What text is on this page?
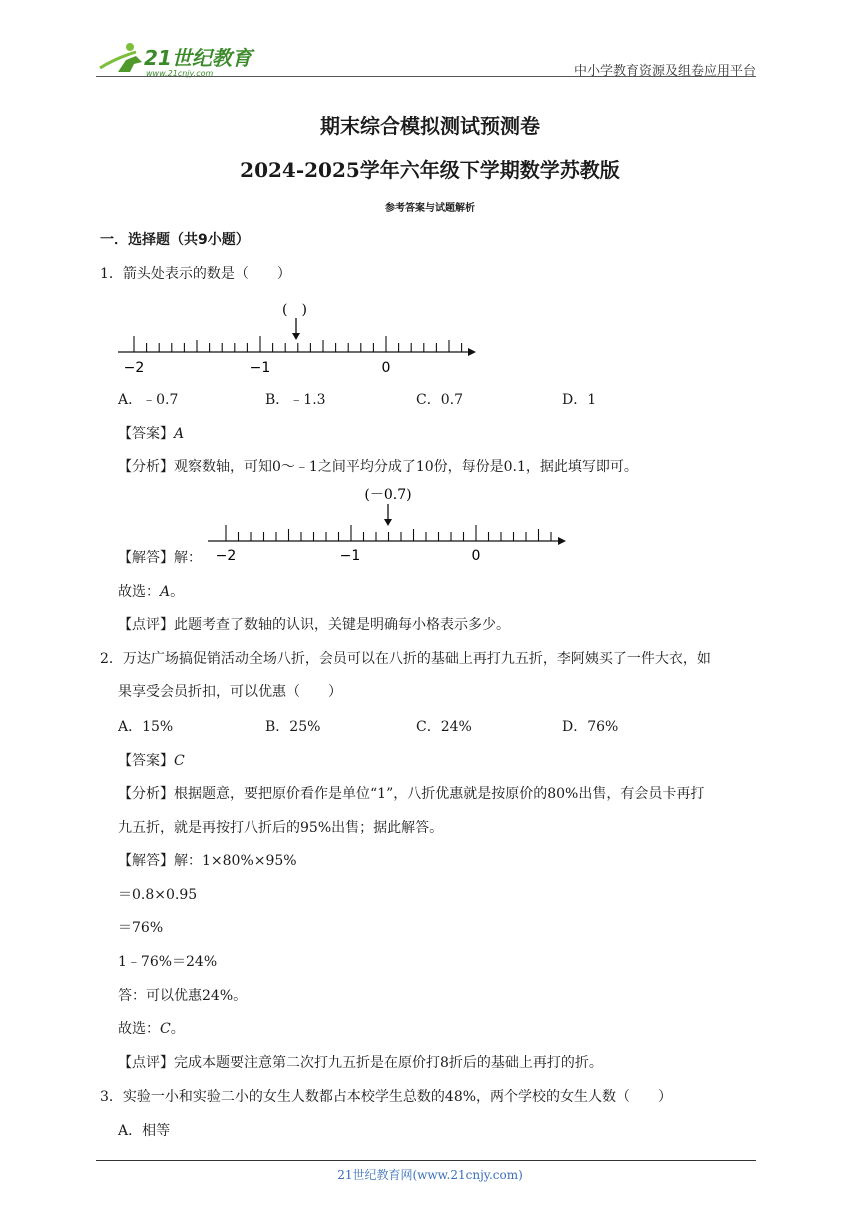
21世纪教育
www.21cnjy.com	中小学教育资源及组卷应用平台
期末综合模拟测试预测卷
2024-2025学年六年级下学期数学苏教版
参考答案与试题解析
一．选择题（共9小题）
1．箭头处表示的数是（　　）
(　)
−2	−1	0
A．﹣0.7	B．﹣1.3	C．0.7	D．1
【答案】A
【分析】观察数轴，可知0～﹣1之间平均分成了10份，每份是0.1，据此填写即可。
(－0.7)
−2	−1	0
【解答】解：
故选：A。
【点评】此题考查了数轴的认识，关键是明确每小格表示多少。
2．万达广场搞促销活动全场八折，会员可以在八折的基础上再打九五折，李阿姨买了一件大衣，如
果享受会员折扣，可以优惠（　　）
A．15%	B．25%	C．24%	D．76%
【答案】C
【分析】根据题意，要把原价看作是单位“1”，八折优惠就是按原价的80%出售，有会员卡再打
九五折，就是再按打八折后的95%出售；据此解答。
【解答】解：1×80%×95%
＝0.8×0.95
＝76%
1﹣76%＝24%
答：可以优惠24%。
故选：C。
【点评】完成本题要注意第二次打九五折是在原价打8折后的基础上再打的折。
3．实验一小和实验二小的女生人数都占本校学生总数的48%，两个学校的女生人数（　　）
A．相等
21世纪教育网(www.21cnjy.com)
